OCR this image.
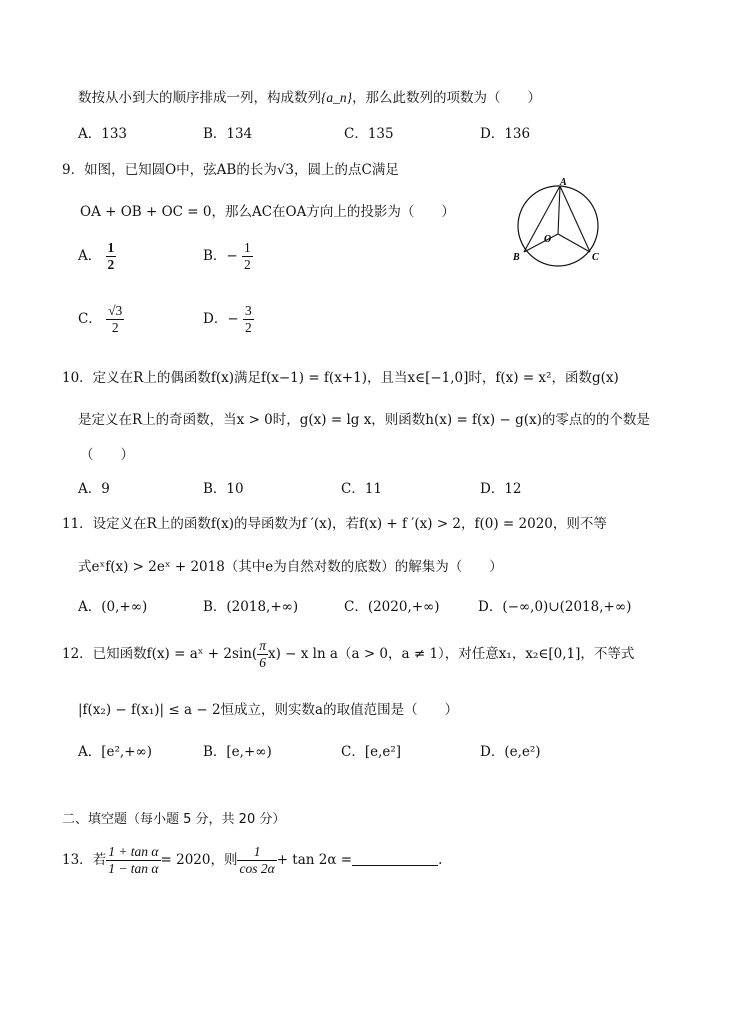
数按从小到大的顺序排成一列，构成数列{a_n}，那么此数列的项数为（　　）
A．133	B．134	C．135	D．136
9．如图，已知圆O中，弦AB的长为√3，圆上的点C满足
OA + OB + OC = 0，那么AC在OA方向上的投影为（　　）
A． $\frac{1}{2}$	B．− $\frac{1}{2}$
C． $\frac{√3}{2}$	D．− $\frac{3}{2}$
A
B	C
O
10．定义在R上的偶函数f(x)满足f(x−1) = f(x+1)，且当x∈[−1,0]时，f(x) = x²，函数g(x)
是定义在R上的奇函数，当x > 0时，g(x) = lg x，则函数h(x) = f(x) − g(x)的零点的的个数是
（　　）
A．9	B．10	C．11	D．12
11．设定义在R上的函数f(x)的导函数为f ′(x)，若f(x) + f ′(x) > 2，f(0) = 2020，则不等
式eˣf(x) > 2eˣ + 2018（其中e为自然对数的底数）的解集为（　　）
A．(0,+∞)	B．(2018,+∞)	C．(2020,+∞)	D．(−∞,0)∪(2018,+∞)
12．已知函数f(x) = aˣ + $2\sin( \frac{\pi}{6} x) - x$ ln a（a > 0，a ≠ 1），对任意x₁，x₂∈[0,1]，不等式
|f(x₂) − f(x₁)| ≤ a − 2恒成立，则实数a的取值范围是（　　）
A．[e²,+∞)	B．[e,+∞)	C．[e,e²]	D．(e,e²)
二、填空题（每小题 5 分，共 20 分）
13．若 $\frac{\text{1 + tan α}}{\text{1 − tan α}} = 2020$，则 $\frac{1}{\cos 2\alpha} + \tan 2\alpha$ =	.
